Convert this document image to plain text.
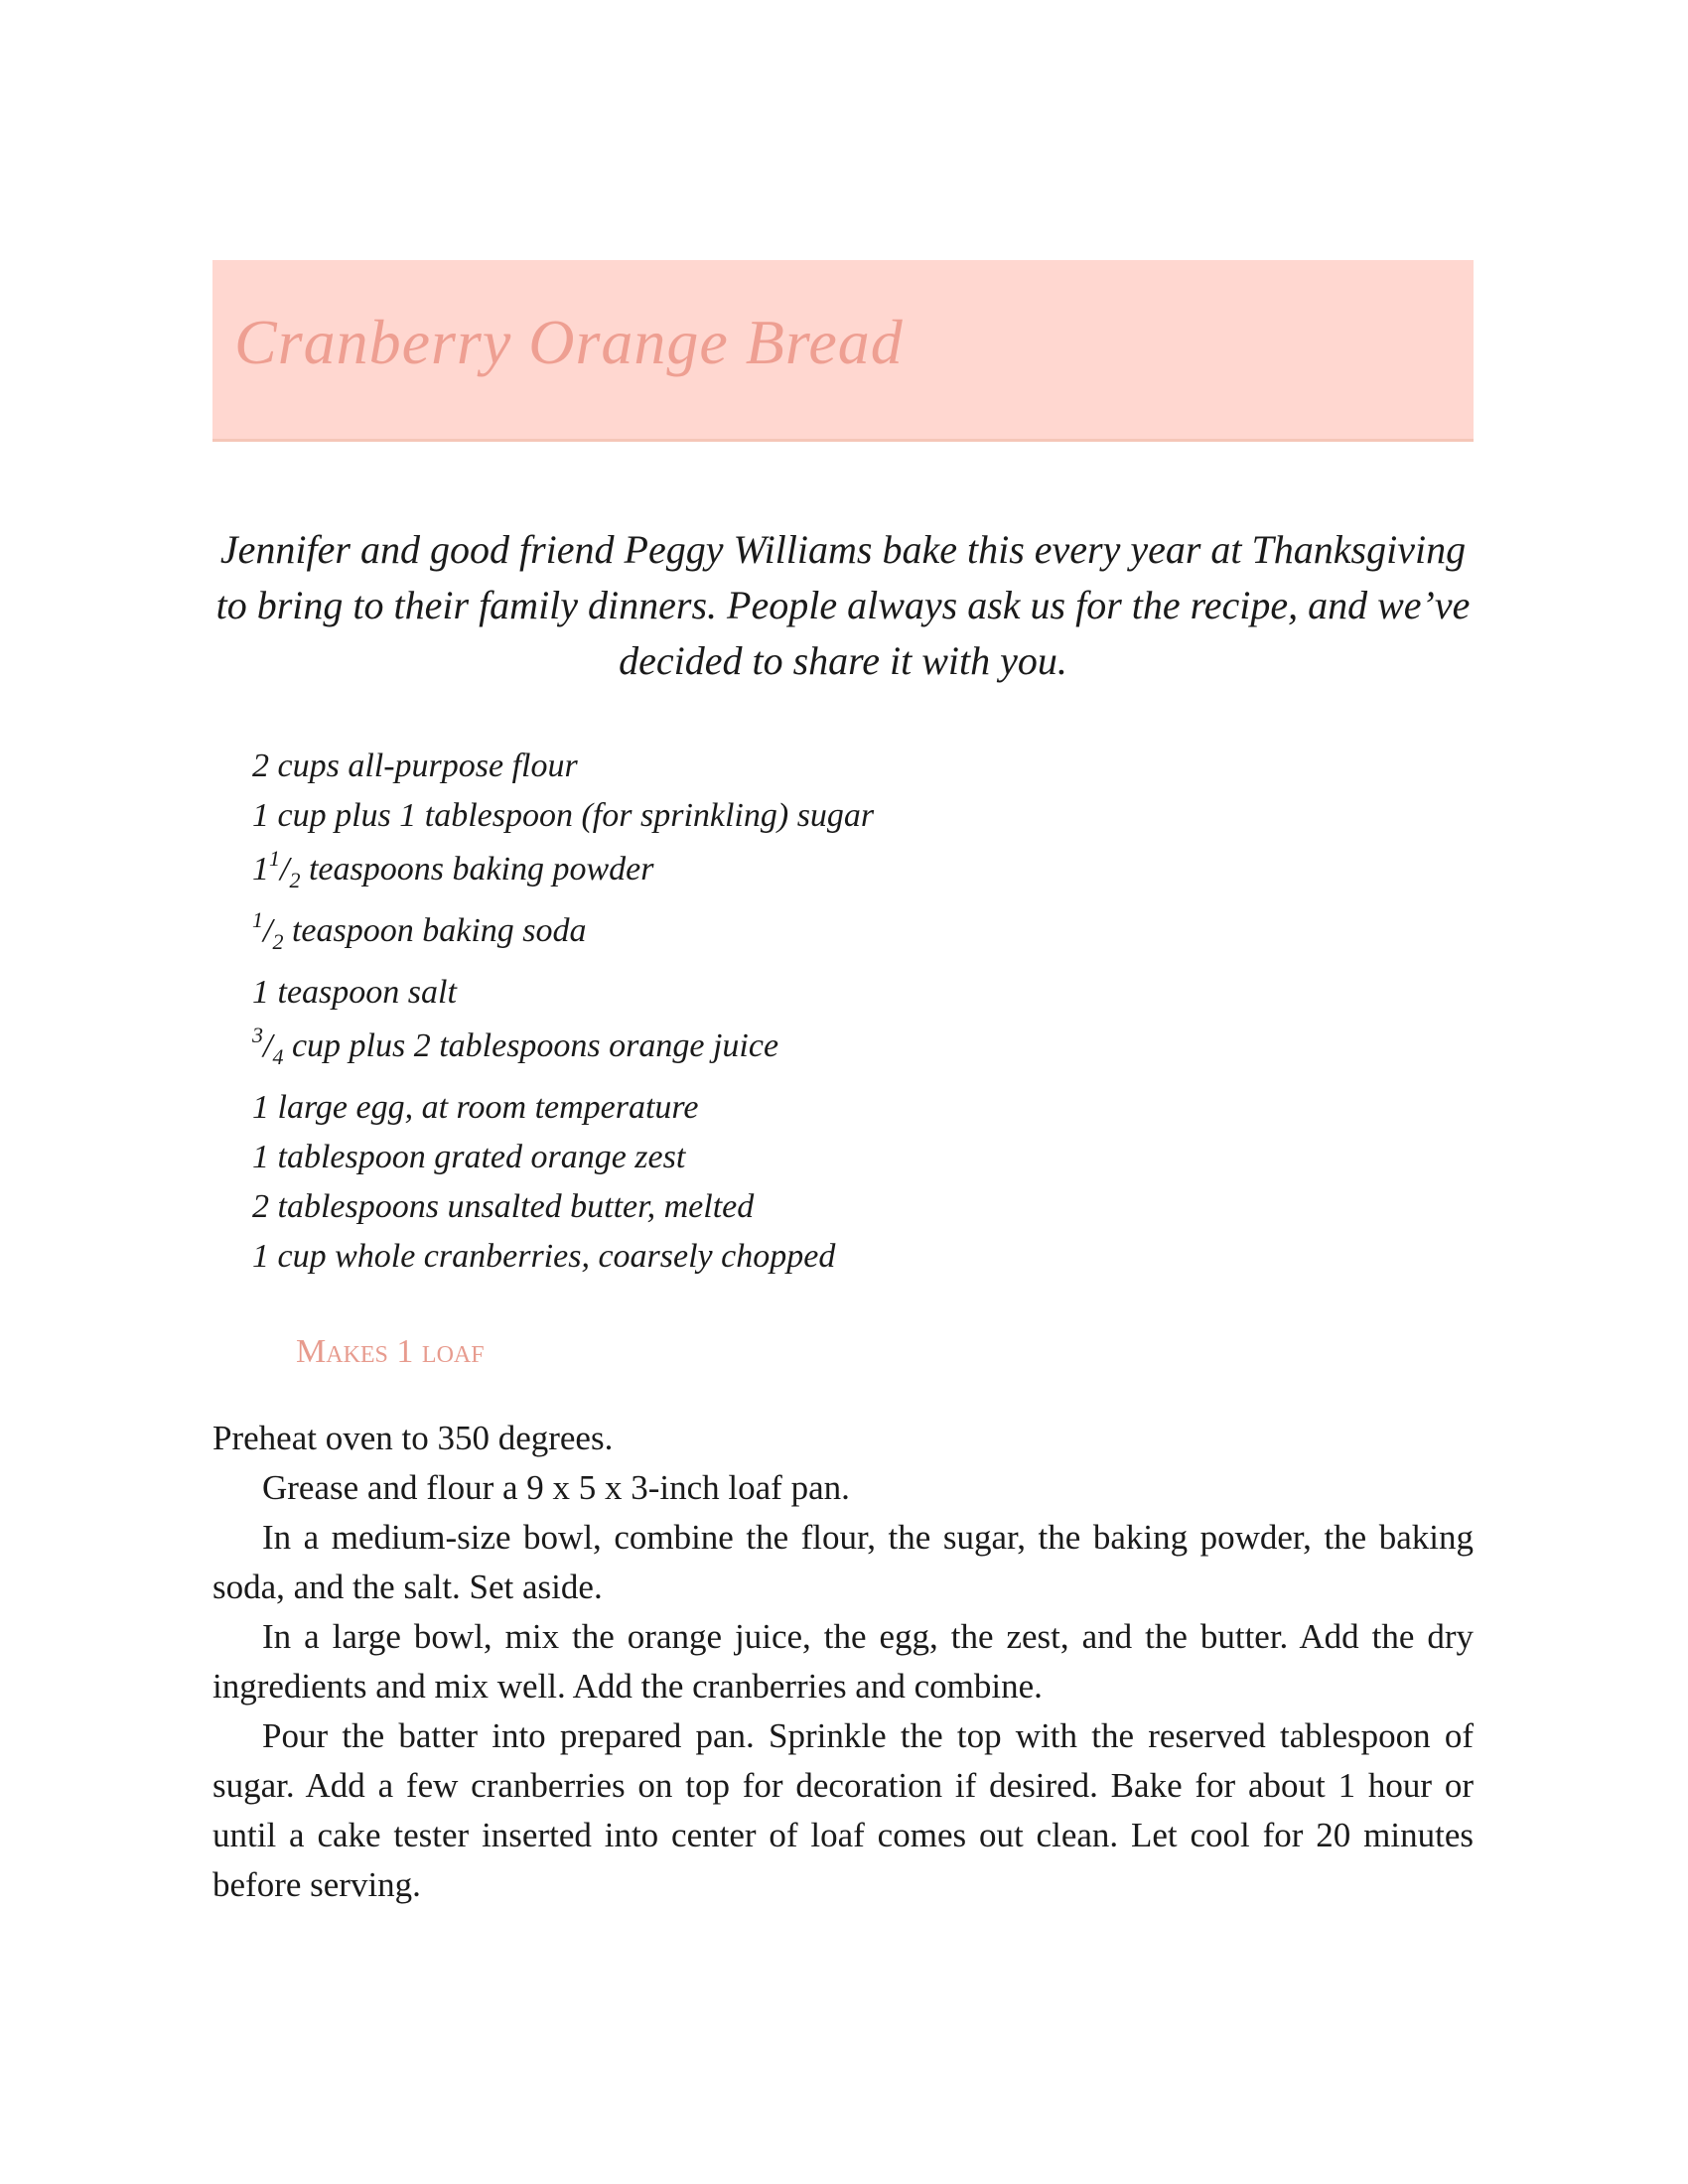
Cranberry Orange Bread
Jennifer and good friend Peggy Williams bake this every year at Thanksgiving to bring to their family dinners. People always ask us for the recipe, and we’ve decided to share it with you.
2 cups all-purpose flour
1 cup plus 1 tablespoon (for sprinkling) sugar
$1^1/_2$ teaspoons baking powder
$^1/_2$ teaspoon baking soda
1 teaspoon salt
$^3/_4$ cup plus 2 tablespoons orange juice
1 large egg, at room temperature
1 tablespoon grated orange zest
2 tablespoons unsalted butter, melted
1 cup whole cranberries, coarsely chopped
Makes 1 loaf

Preheat oven to 350 degrees.

Grease and flour a 9 x 5 x 3-inch loaf pan.

In a medium-size bowl, combine the flour, the sugar, the baking powder, the baking soda, and the salt. Set aside.

In a large bowl, mix the orange juice, the egg, the zest, and the butter. Add the dry ingredients and mix well. Add the cranberries and combine.

Pour the batter into prepared pan. Sprinkle the top with the reserved tablespoon of sugar. Add a few cranberries on top for decoration if desired. Bake for about 1 hour or until a cake tester inserted into center of loaf comes out clean. Let cool for 20 minutes before serving.
